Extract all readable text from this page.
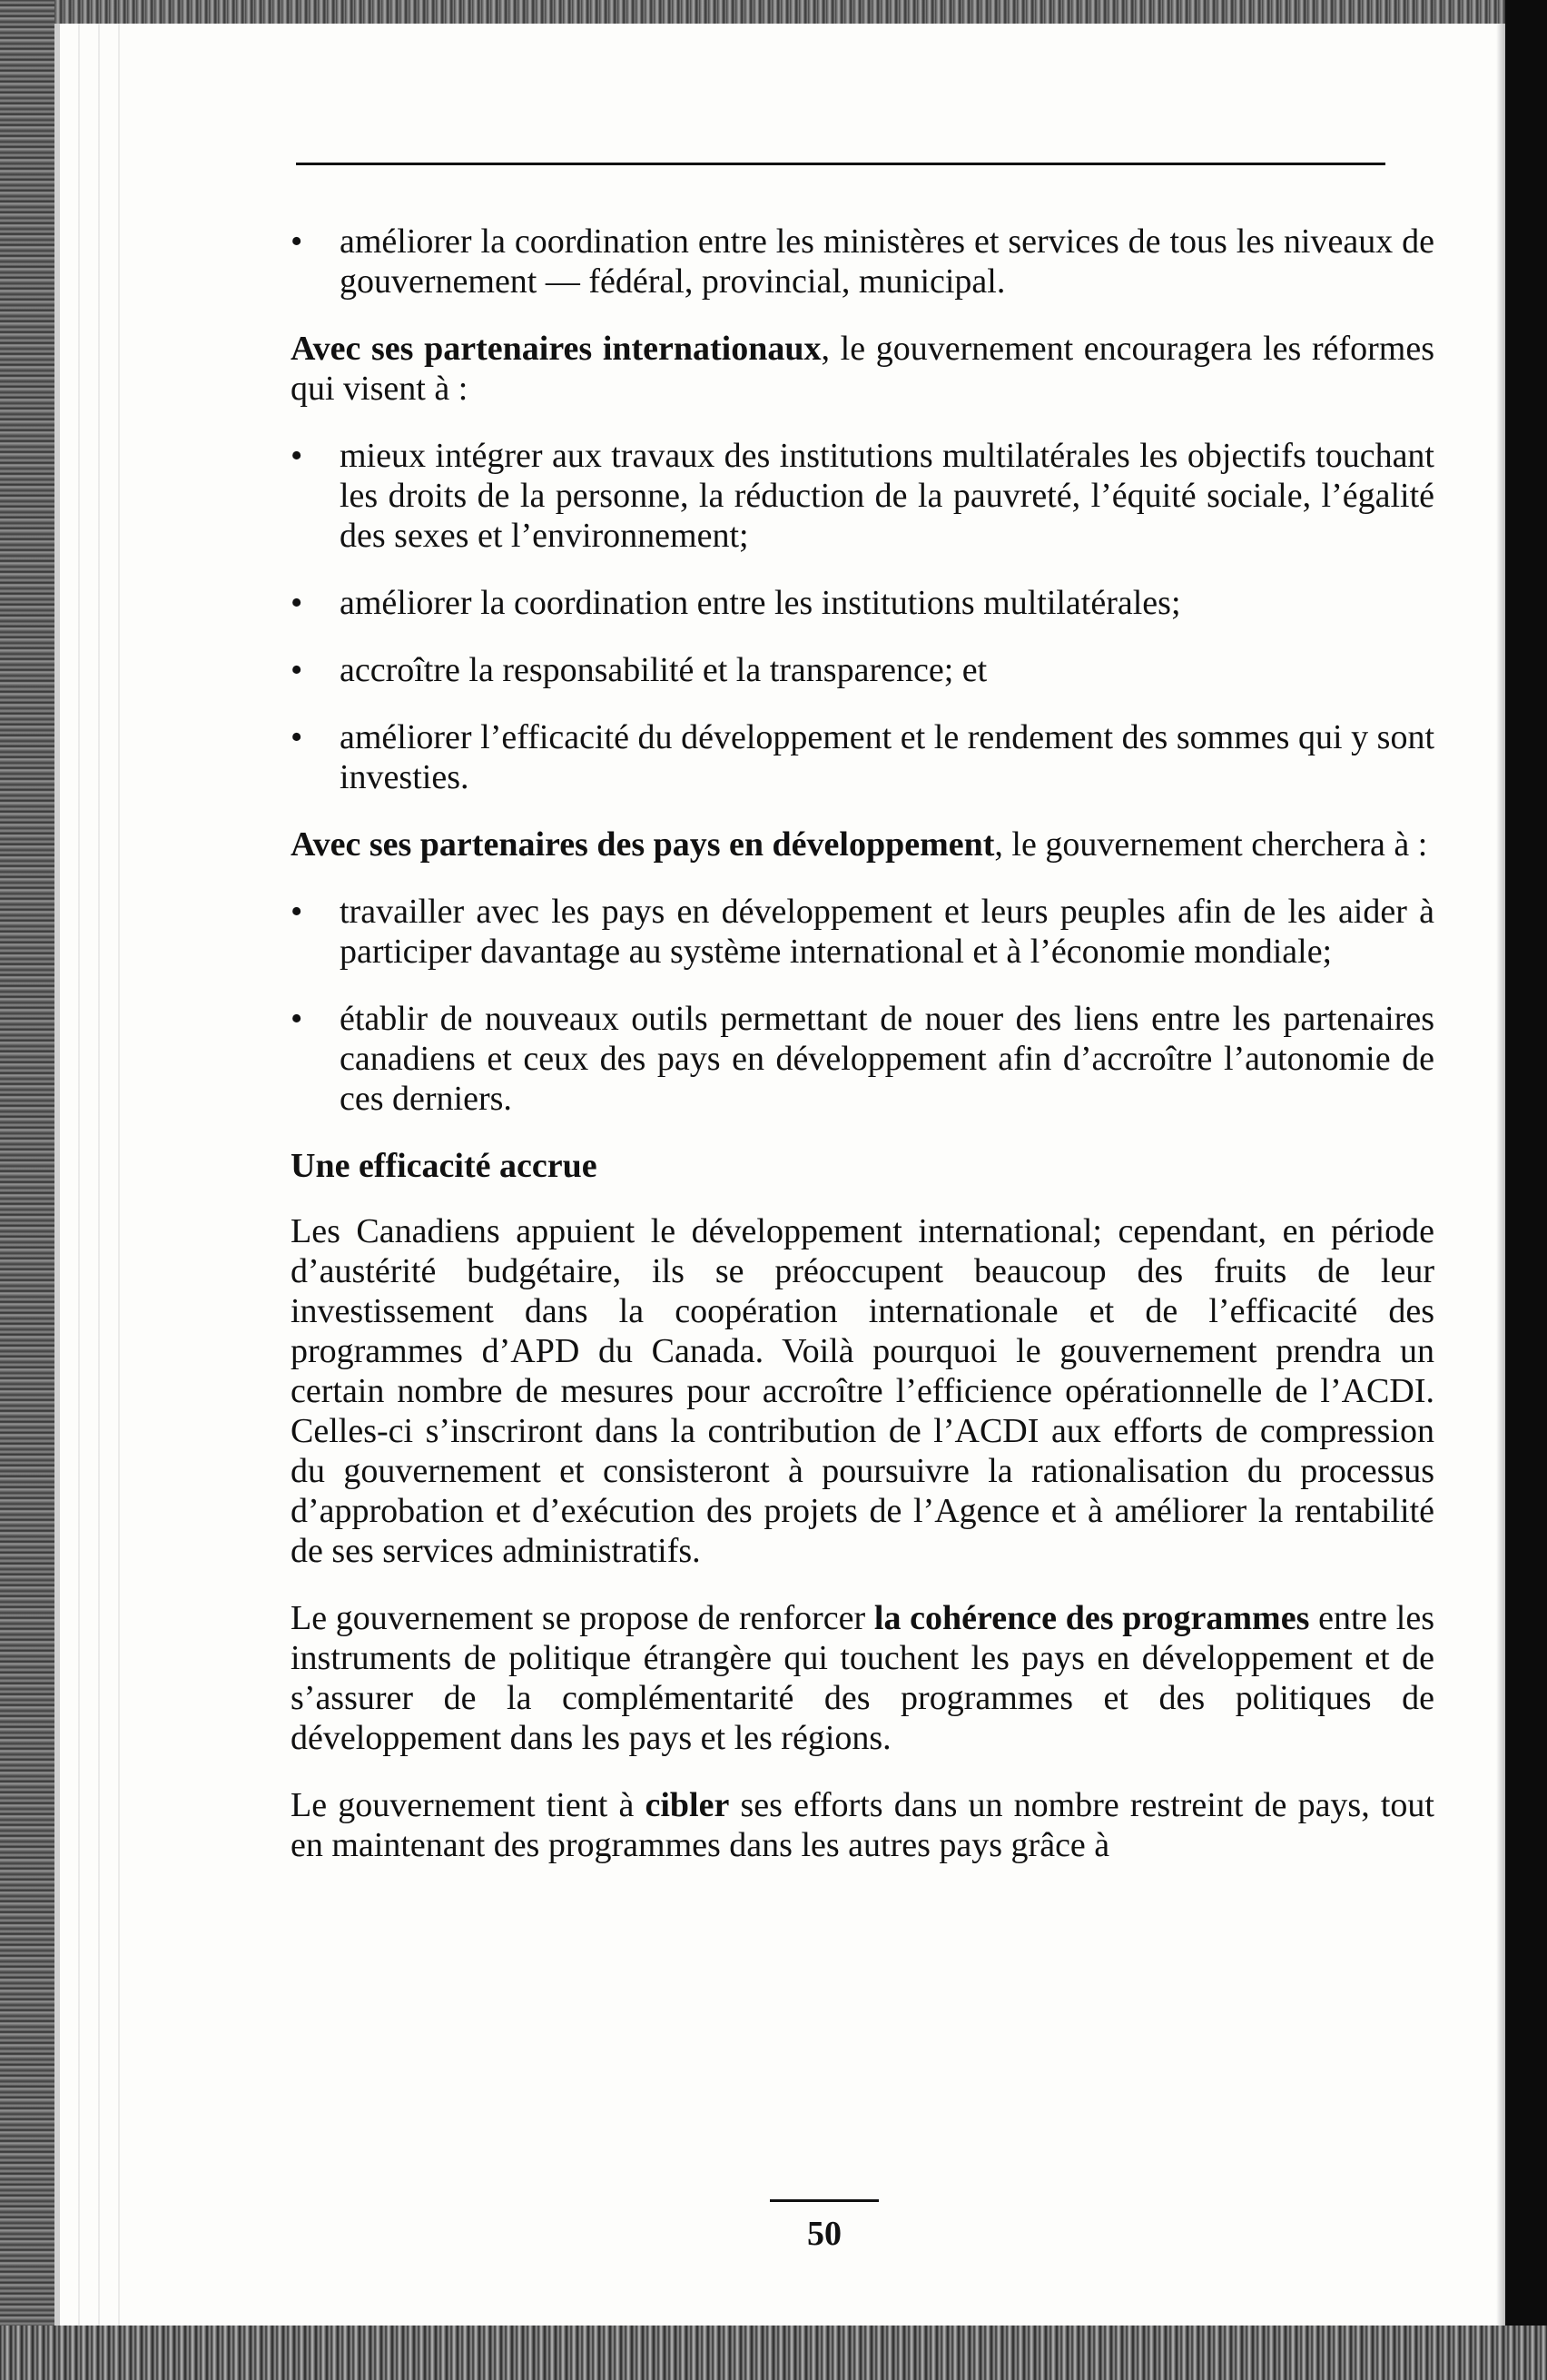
•	améliorer la coordination entre les ministères et services de tous les niveaux de gouvernement — fédéral, provincial, municipal.

Avec ses partenaires internationaux, le gouvernement encouragera les réformes qui visent à :

•	mieux intégrer aux travaux des institutions multilatérales les objectifs touchant les droits de la personne, la réduction de la pauvreté, l’équité sociale, l’égalité des sexes et l’environnement;
•	améliorer la coordination entre les institutions multilatérales;
•	accroître la responsabilité et la transparence; et
•	améliorer l’efficacité du développement et le rendement des sommes qui y sont investies.

Avec ses partenaires des pays en développement, le gouvernement cherchera à :

•	travailler avec les pays en développement et leurs peuples afin de les aider à participer davantage au système international et à l’économie mondiale;
•	établir de nouveaux outils permettant de nouer des liens entre les partenaires canadiens et ceux des pays en développement afin d’accroître l’autonomie de ces derniers.
Une efficacité accrue

Les Canadiens appuient le développement international; cependant, en période d’austérité budgétaire, ils se préoccupent beaucoup des fruits de leur investissement dans la coopération internationale et de l’efficacité des programmes d’APD du Canada. Voilà pourquoi le gouvernement prendra un certain nombre de mesures pour accroître l’efficience opérationnelle de l’ACDI. Celles-ci s’inscriront dans la contribution de l’ACDI aux efforts de compression du gouvernement et consisteront à poursuivre la rationalisation du processus d’approbation et d’exécution des projets de l’Agence et à améliorer la rentabilité de ses services administratifs.

Le gouvernement se propose de renforcer la cohérence des programmes entre les instruments de politique étrangère qui touchent les pays en développement et de s’assurer de la complémentarité des programmes et des politiques de développement dans les pays et les régions.

Le gouvernement tient à cibler ses efforts dans un nombre restreint de pays, tout en maintenant des programmes dans les autres pays grâce à

50
